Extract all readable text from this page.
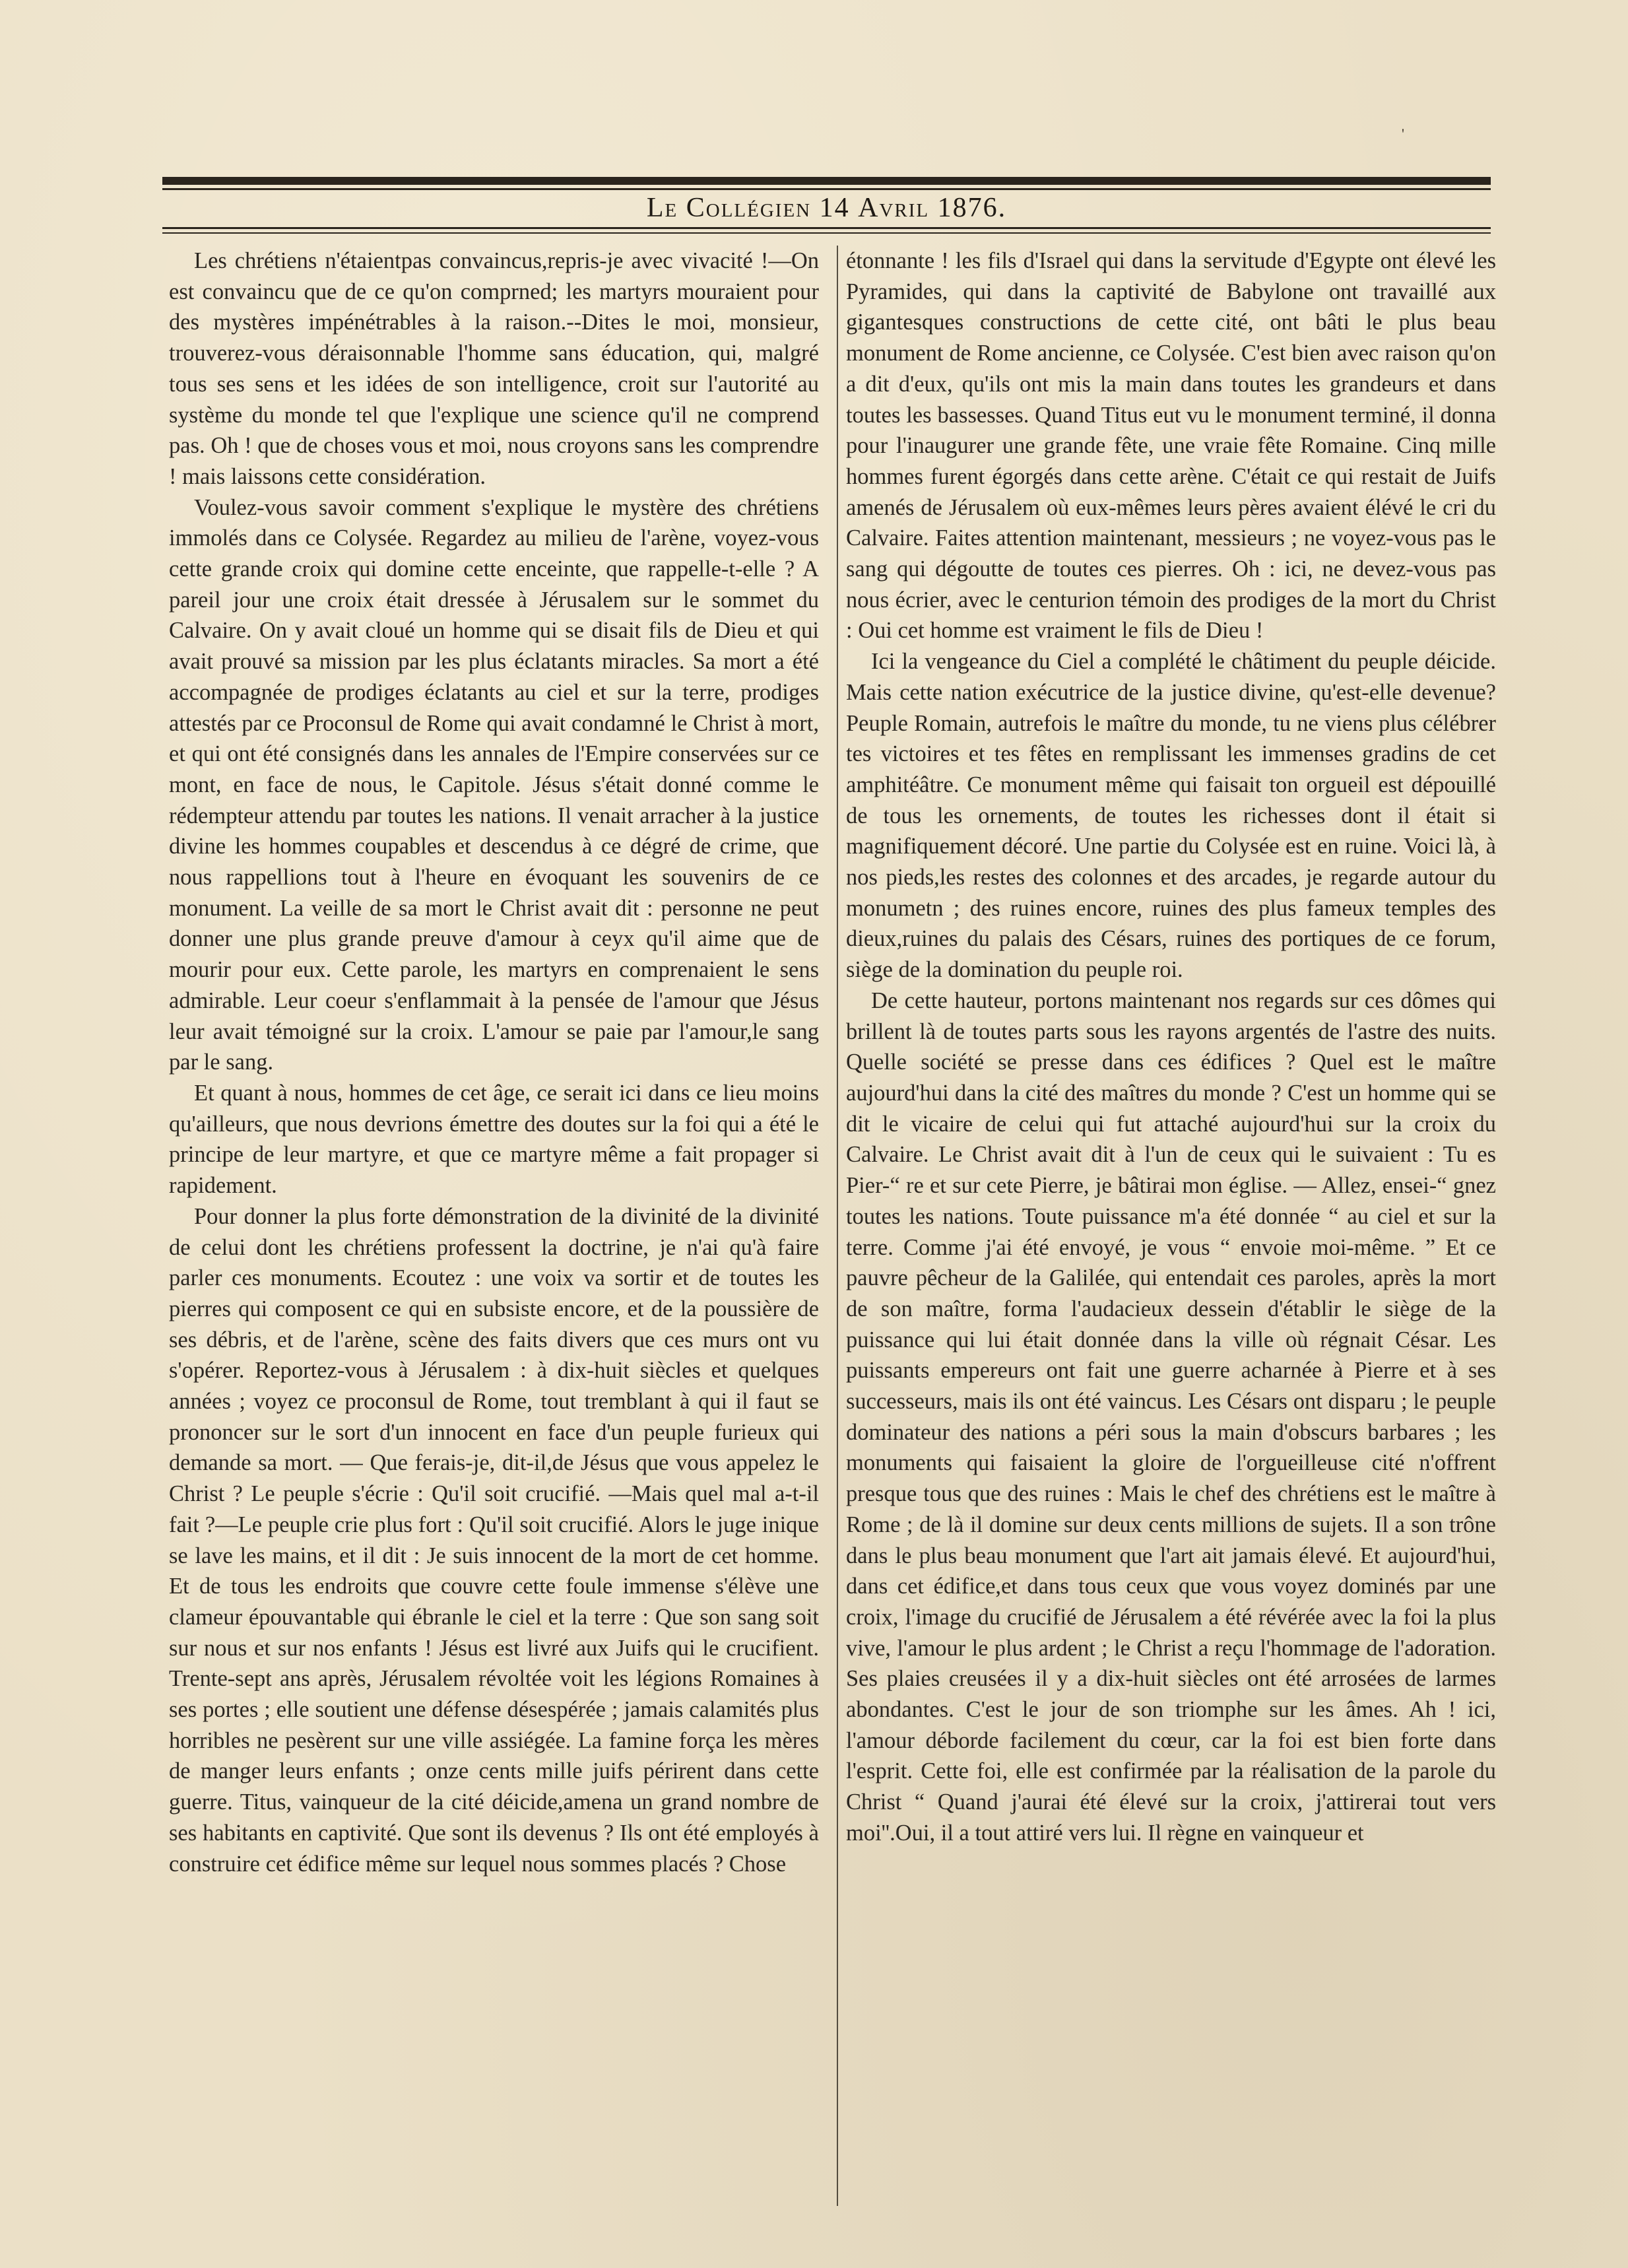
'
Le Collégien 14 Avril 1876.

Les chrétiens n'étaientpas convaincus,repris-je avec vivacité !—On est convaincu que de ce qu'on comprned; les martyrs mouraient pour des mystères impénétrables à la raison.--Dites le moi, monsieur, trouverez-vous déraisonnable l'homme sans éducation, qui, malgré tous ses sens et les idées de son intelligence, croit sur l'autorité au système du monde tel que l'explique une science qu'il ne comprend pas. Oh ! que de choses vous et moi, nous croyons sans les comprendre ! mais laissons cette considération.

Voulez-vous savoir comment s'explique le mystère des chrétiens immolés dans ce Colysée. Regardez au milieu de l'arène, voyez-vous cette grande croix qui domine cette enceinte, que rappelle-t-elle ? A pareil jour une croix était dressée à Jérusalem sur le sommet du Calvaire. On y avait cloué un homme qui se disait fils de Dieu et qui avait prouvé sa mission par les plus éclatants miracles. Sa mort a été accompagnée de prodiges éclatants au ciel et sur la terre, prodiges attestés par ce Proconsul de Rome qui avait condamné le Christ à mort, et qui ont été consignés dans les annales de l'Empire conservées sur ce mont, en face de nous, le Capitole. Jésus s'était donné comme le rédempteur attendu par toutes les nations. Il venait arracher à la justice divine les hommes coupables et descendus à ce dégré de crime, que nous rappellions tout à l'heure en évoquant les souvenirs de ce monument. La veille de sa mort le Christ avait dit : personne ne peut donner une plus grande preuve d'amour à ceyx qu'il aime que de mourir pour eux. Cette parole, les martyrs en comprenaient le sens admirable. Leur coeur s'enflammait à la pensée de l'amour que Jésus leur avait témoigné sur la croix. L'amour se paie par l'amour,le sang par le sang.

Et quant à nous, hommes de cet âge, ce serait ici dans ce lieu moins qu'ailleurs, que nous devrions émettre des doutes sur la foi qui a été le principe de leur martyre, et que ce martyre même a fait propager si rapidement.

Pour donner la plus forte démonstration de la divinité de la divinité de celui dont les chrétiens professent la doctrine, je n'ai qu'à faire parler ces monuments. Ecoutez : une voix va sortir et de toutes les pierres qui composent ce qui en subsiste encore, et de la poussière de ses débris, et de l'arène, scène des faits divers que ces murs ont vu s'opérer. Reportez-vous à Jérusalem : à dix-huit siècles et quelques années ; voyez ce proconsul de Rome, tout tremblant à qui il faut se prononcer sur le sort d'un innocent en face d'un peuple furieux qui demande sa mort. — Que ferais-je, dit-il,de Jésus que vous appelez le Christ ? Le peuple s'écrie : Qu'il soit crucifié. —Mais quel mal a-t-il fait ?—Le peuple crie plus fort : Qu'il soit crucifié. Alors le juge inique se lave les mains, et il dit : Je suis innocent de la mort de cet homme. Et de tous les endroits que couvre cette foule immense s'élève une clameur épouvantable qui ébranle le ciel et la terre : Que son sang soit sur nous et sur nos enfants ! Jésus est livré aux Juifs qui le crucifient. Trente-sept ans après, Jérusalem révoltée voit les légions Romaines à ses portes ; elle soutient une défense désespérée ; jamais calamités plus horribles ne pesèrent sur une ville assiégée. La famine força les mères de manger leurs enfants ; onze cents mille juifs périrent dans cette guerre. Titus, vainqueur de la cité déicide,amena un grand nombre de ses habitants en captivité. Que sont ils devenus ? Ils ont été employés à construire cet édifice même sur lequel nous sommes placés ? Chose

étonnante ! les fils d'Israel qui dans la servitude d'Egypte ont élevé les Pyramides, qui dans la captivité de Babylone ont travaillé aux gigantesques constructions de cette cité, ont bâti le plus beau monument de Rome ancienne, ce Colysée. C'est bien avec raison qu'on a dit d'eux, qu'ils ont mis la main dans toutes les grandeurs et dans toutes les bassesses. Quand Titus eut vu le monument terminé, il donna pour l'inaugurer une grande fête, une vraie fête Romaine. Cinq mille hommes furent égorgés dans cette arène. C'était ce qui restait de Juifs amenés de Jérusalem où eux-mêmes leurs pères avaient élévé le cri du Calvaire. Faites attention maintenant, messieurs ; ne voyez-vous pas le sang qui dégoutte de toutes ces pierres. Oh : ici, ne devez-vous pas nous écrier, avec le centurion témoin des prodiges de la mort du Christ : Oui cet homme est vraiment le fils de Dieu !

Ici la vengeance du Ciel a complété le châtiment du peuple déicide. Mais cette nation exécutrice de la justice divine, qu'est-elle devenue? Peuple Romain, autrefois le maître du monde, tu ne viens plus célébrer tes victoires et tes fêtes en remplissant les immenses gradins de cet amphitéâtre. Ce monument même qui faisait ton orgueil est dépouillé de tous les ornements, de toutes les richesses dont il était si magnifiquement décoré. Une partie du Colysée est en ruine. Voici là, à nos pieds,les restes des colonnes et des arcades, je regarde autour du monumetn ; des ruines encore, ruines des plus fameux temples des dieux,ruines du palais des Césars, ruines des portiques de ce forum, siège de la domination du peuple roi.

De cette hauteur, portons maintenant nos regards sur ces dômes qui brillent là de toutes parts sous les rayons argentés de l'astre des nuits. Quelle société se presse dans ces édifices ? Quel est le maître aujourd'hui dans la cité des maîtres du monde ? C'est un homme qui se dit le vicaire de celui qui fut attaché aujourd'hui sur la croix du Calvaire. Le Christ avait dit à l'un de ceux qui le suivaient : Tu es Pier-“ re et sur cete Pierre, je bâtirai mon église. — Allez, ensei-“ gnez toutes les nations. Toute puissance m'a été donnée “ au ciel et sur la terre. Comme j'ai été envoyé, je vous “ envoie moi-même. ” Et ce pauvre pêcheur de la Galilée, qui entendait ces paroles, après la mort de son maître, forma l'audacieux dessein d'établir le siège de la puissance qui lui était donnée dans la ville où régnait César. Les puissants empereurs ont fait une guerre acharnée à Pierre et à ses successeurs, mais ils ont été vaincus. Les Césars ont disparu ; le peuple dominateur des nations a péri sous la main d'obscurs barbares ; les monuments qui faisaient la gloire de l'orgueilleuse cité n'offrent presque tous que des ruines : Mais le chef des chrétiens est le maître à Rome ; de là il domine sur deux cents millions de sujets. Il a son trône dans le plus beau monument que l'art ait jamais élevé. Et aujourd'hui, dans cet édifice,et dans tous ceux que vous voyez dominés par une croix, l'image du crucifié de Jérusalem a été révérée avec la foi la plus vive, l'amour le plus ardent ; le Christ a reçu l'hommage de l'adoration. Ses plaies creusées il y a dix-huit siècles ont été arrosées de larmes abondantes. C'est le jour de son triomphe sur les âmes. Ah ! ici, l'amour déborde facilement du cœur, car la foi est bien forte dans l'esprit. Cette foi, elle est confirmée par la réalisation de la parole du Christ “ Quand j'aurai été élevé sur la croix, j'attirerai tout vers moi''.Oui, il a tout attiré vers lui. Il règne en vainqueur et
